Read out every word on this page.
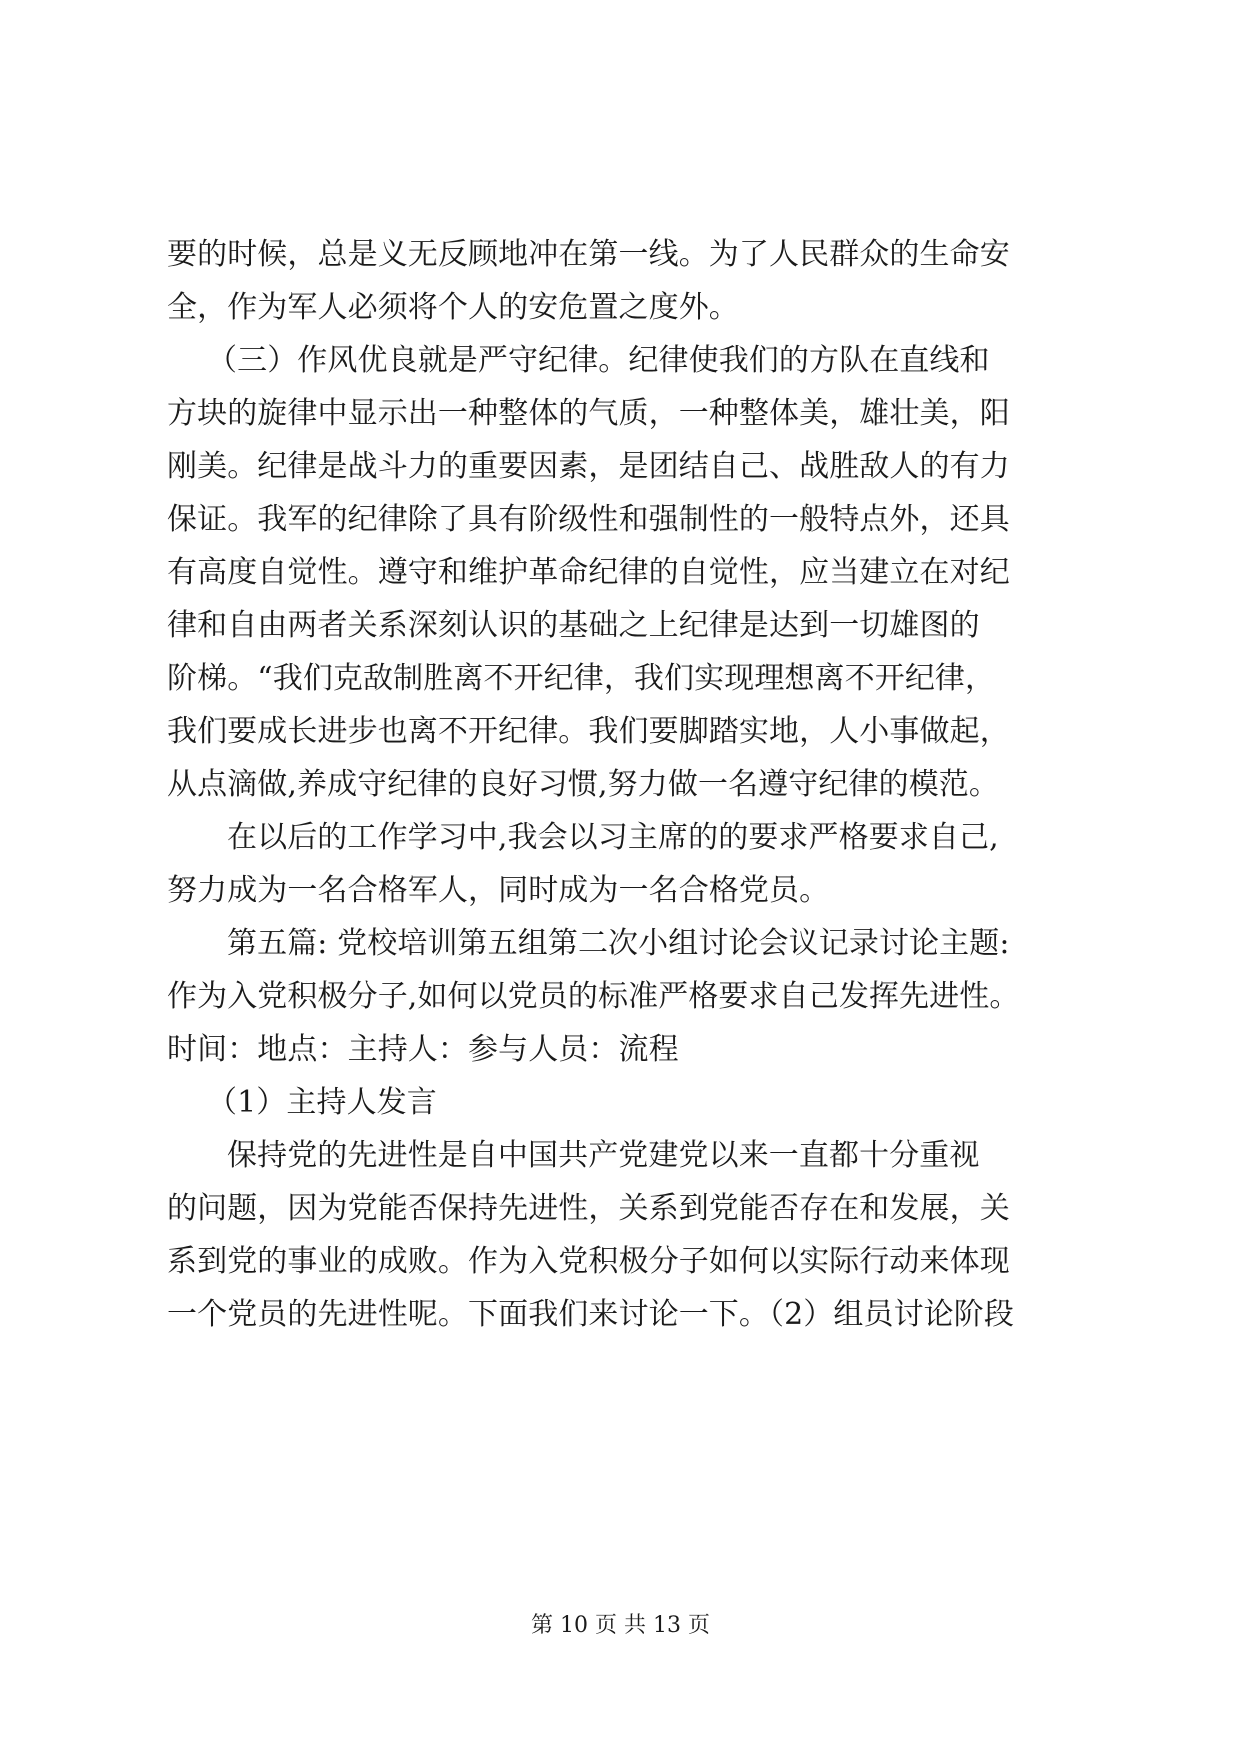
要的时候，总是义无反顾地冲在第一线。为了人民群众的生命安
全，作为军人必须将个人的安危置之度外。
（三）作风优良就是严守纪律。纪律使我们的方队在直线和
方块的旋律中显示出一种整体的气质，一种整体美，雄壮美，阳
刚美。纪律是战斗力的重要因素，是团结自己、战胜敌人的有力
保证。我军的纪律除了具有阶级性和强制性的一般特点外，还具
有高度自觉性。遵守和维护革命纪律的自觉性，应当建立在对纪
律和自由两者关系深刻认识的基础之上纪律是达到一切雄图的
阶梯。“我们克敌制胜离不开纪律，我们实现理想离不开纪律，
我们要成长进步也离不开纪律。我们要脚踏实地，人小事做起，
从点滴做,养成守纪律的良好习惯,努力做一名遵守纪律的模范。
在以后的工作学习中,我会以习主席的的要求严格要求自己,
努力成为一名合格军人，同时成为一名合格党员。
第五篇: 党校培训第五组第二次小组讨论会议记录讨论主题:
作为入党积极分子,如何以党员的标准严格要求自己发挥先进性。
时间：地点：主持人：参与人员：流程
（1）主持人发言
保持党的先进性是自中国共产党建党以来一直都十分重视
的问题，因为党能否保持先进性，关系到党能否存在和发展，关
系到党的事业的成败。作为入党积极分子如何以实际行动来体现
一个党员的先进性呢。下面我们来讨论一下。（2）组员讨论阶段
第 10 页 共 13 页
